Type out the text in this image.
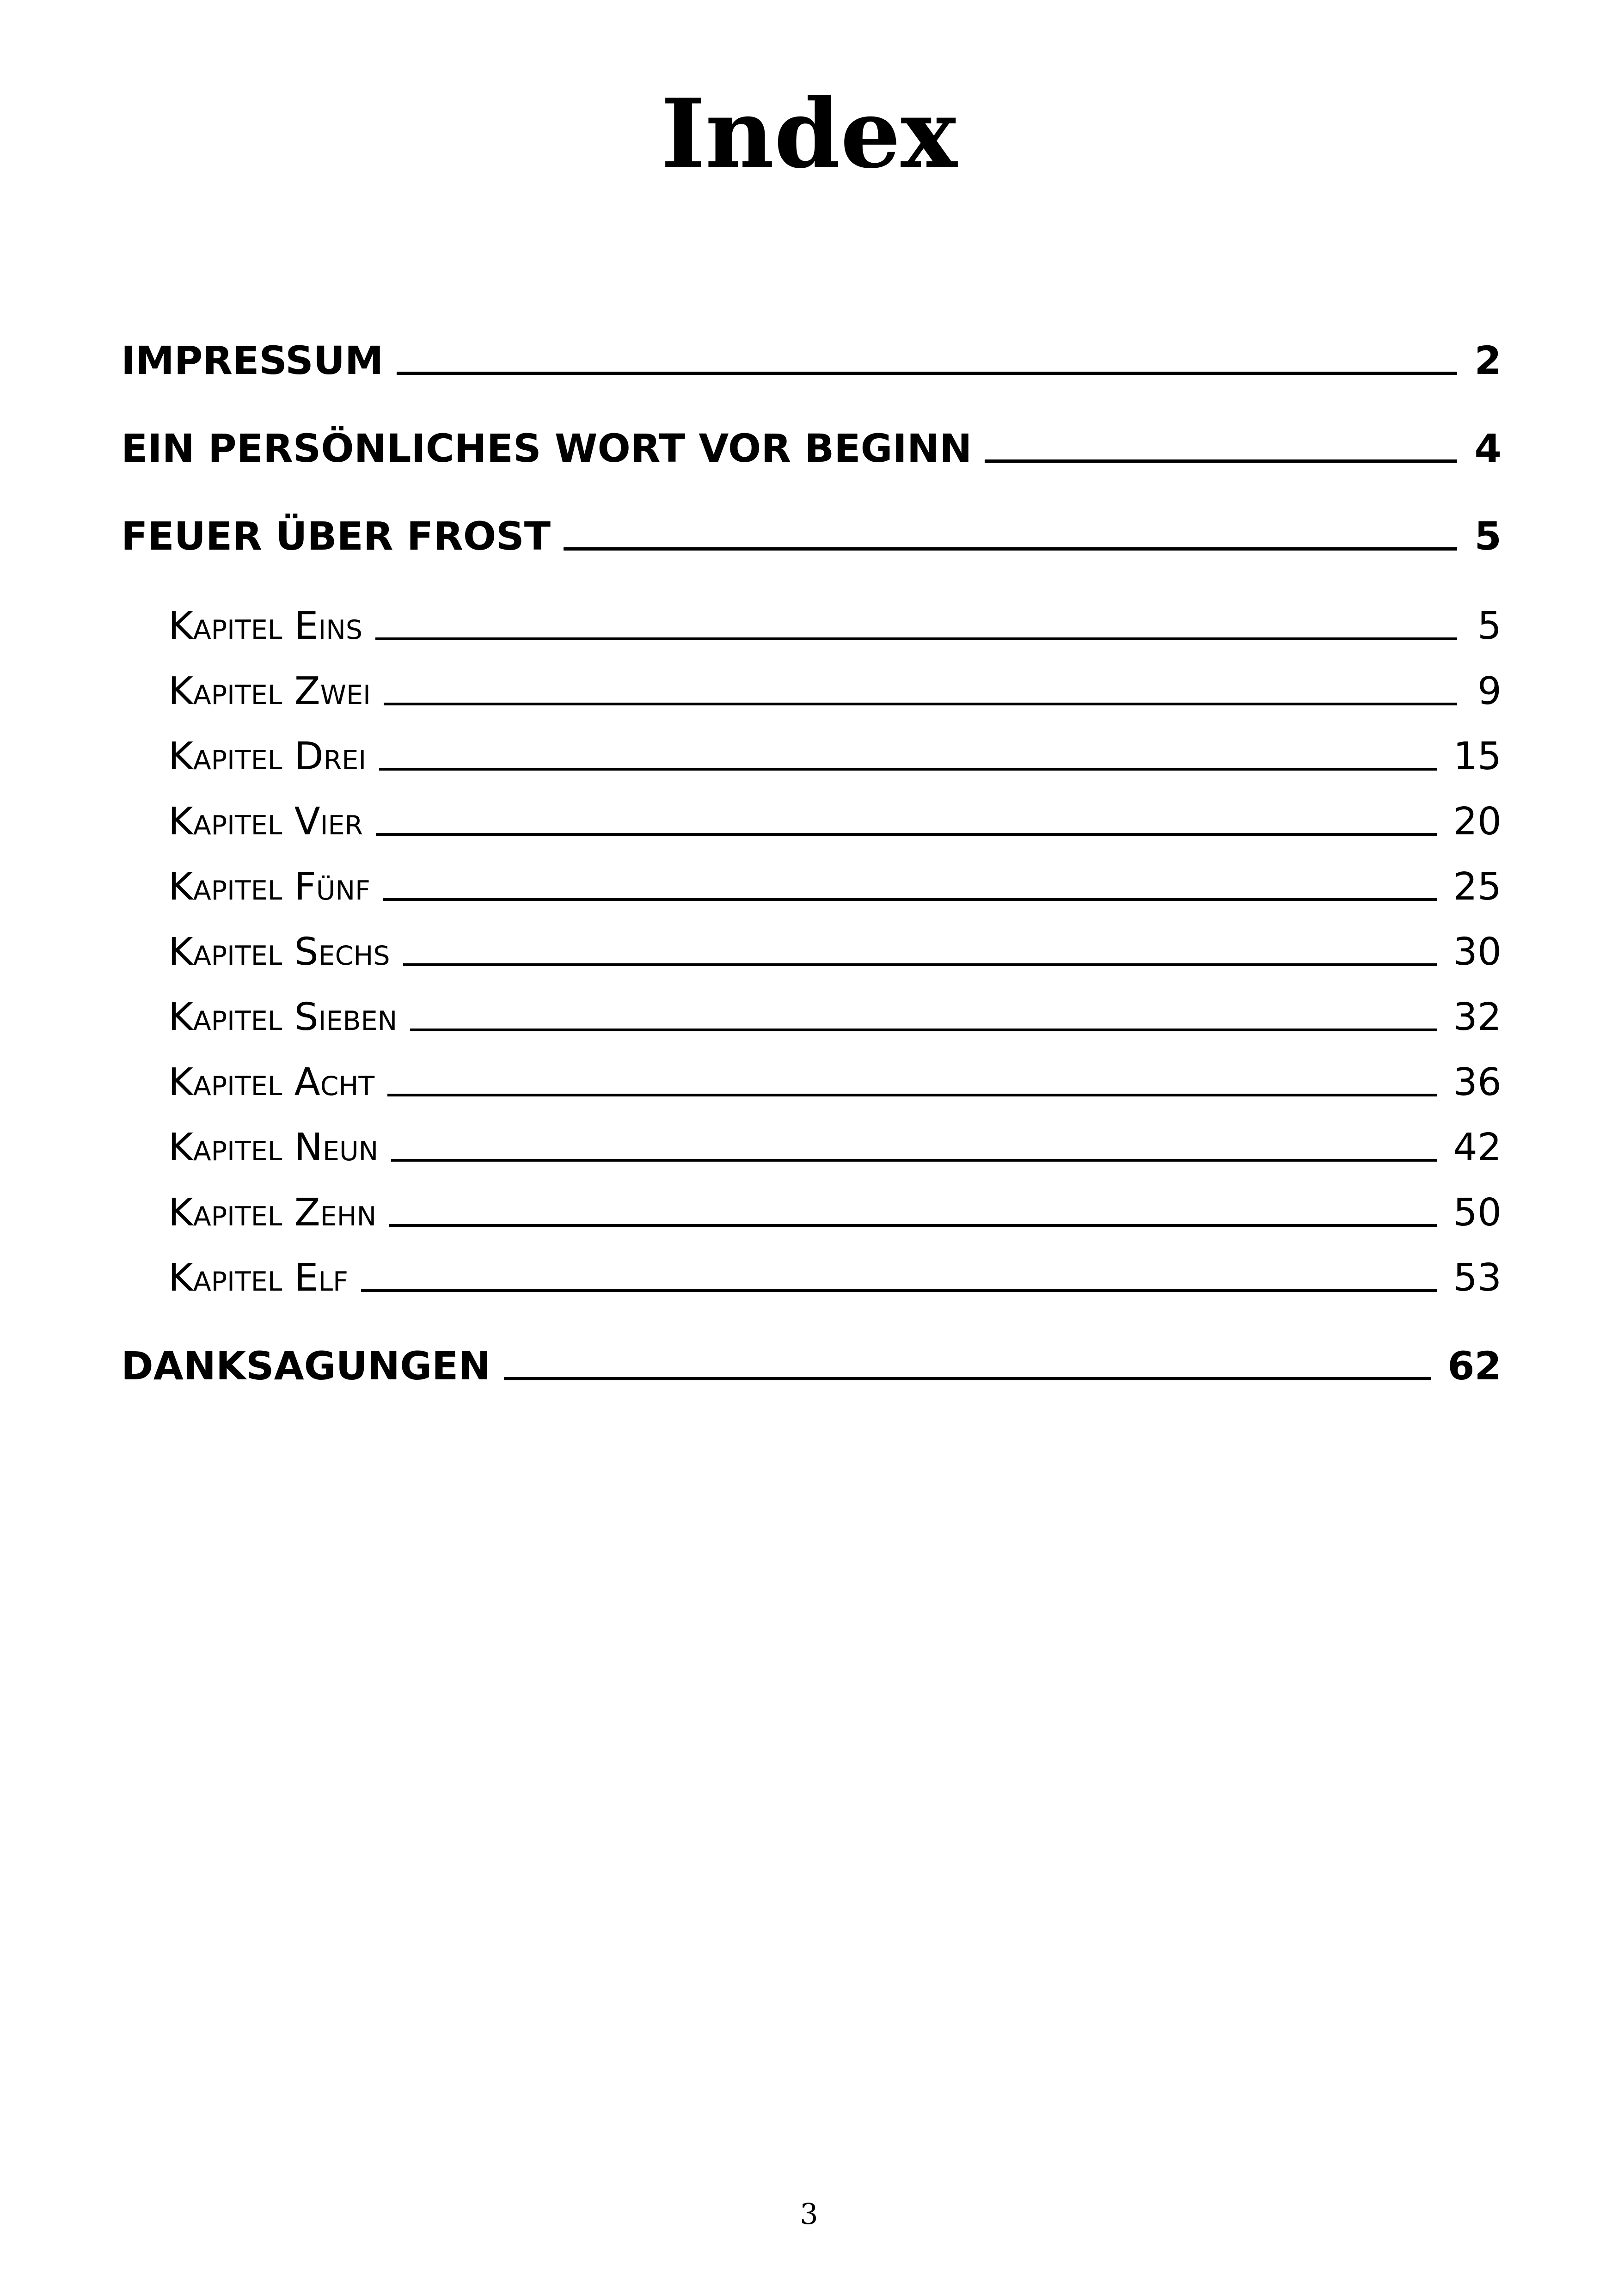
Index
IMPRESSUM	2
EIN PERSÖNLICHES WORT VOR BEGINN	4
FEUER ÜBER FROST	5
Kapitel Eins	5
Kapitel Zwei	9
Kapitel Drei	15
Kapitel Vier	20
Kapitel Fünf	25
Kapitel Sechs	30
Kapitel Sieben	32
Kapitel Acht	36
Kapitel Neun	42
Kapitel Zehn	50
Kapitel Elf	53
DANKSAGUNGEN	62
3
